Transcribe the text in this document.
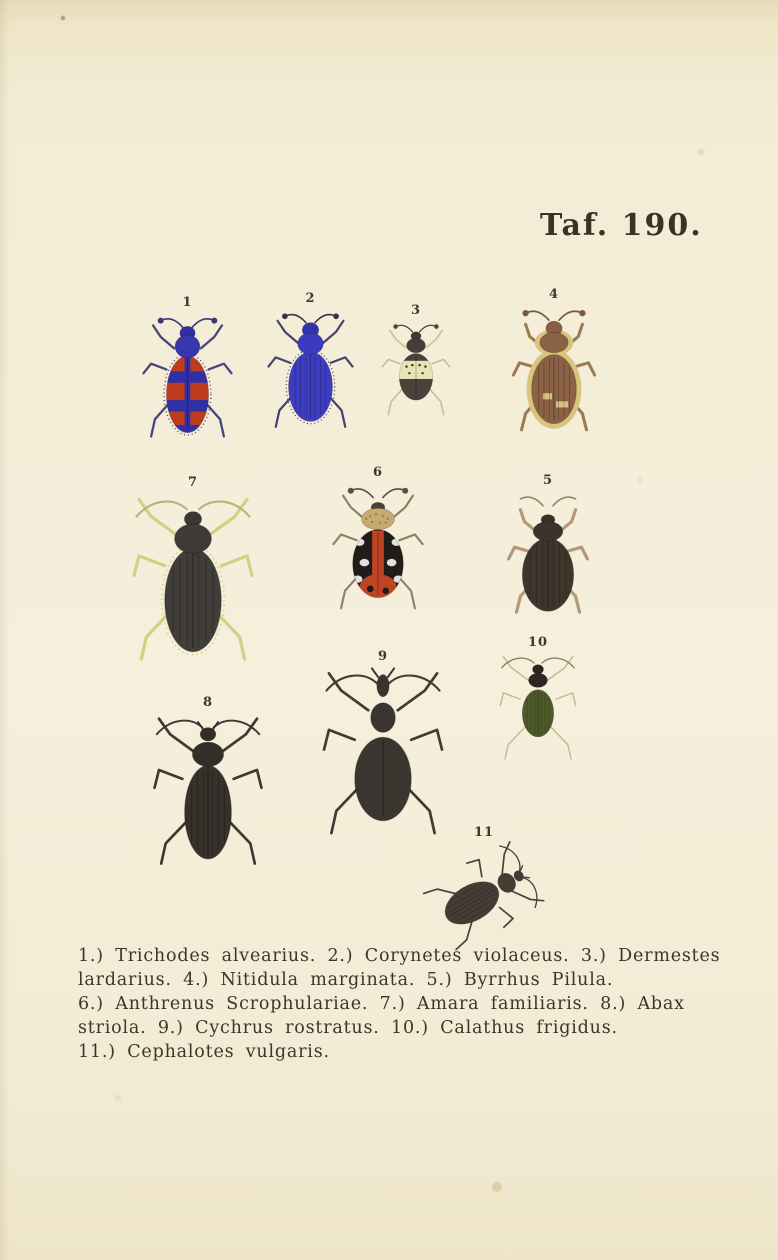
Taf. 190.
1	2
3
4
5
6
7
8
9
10
11
1.) Trichodes alvearius. 2.) Corynetes violaceus. 3.) Dermestes
lardarius. 4.) Nitidula marginata. 5.) Byrrhus Pilula.
6.) Anthrenus Scrophulariae. 7.) Amara familiaris. 8.) Abax
striola. 9.) Cychrus rostratus. 10.) Calathus frigidus.
11.) Cephalotes vulgaris.
